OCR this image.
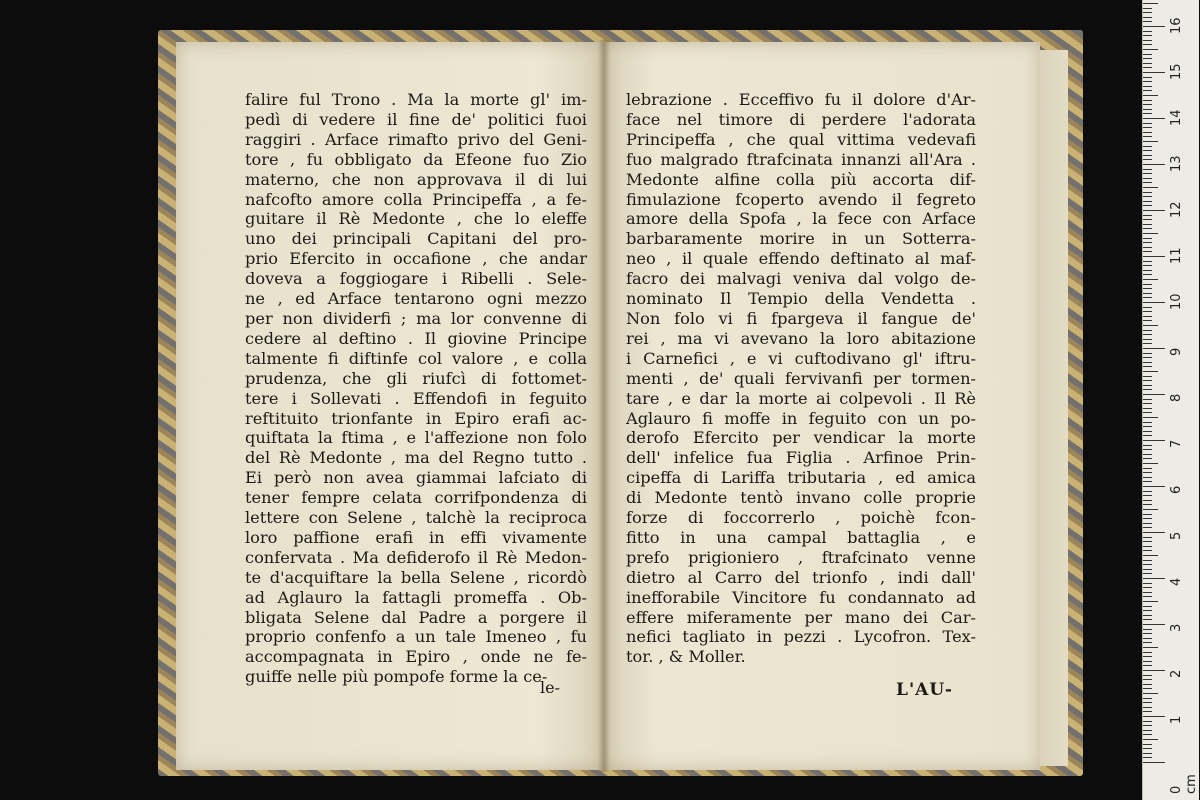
falire ful Trono . Ma la morte gl' im-
pedì di vedere il fine de' politici fuoi
raggiri . Arface rimafto privo del Geni-
tore , fu obbligato da Efeone fuo Zio
materno, che non approvava il di lui
nafcofto amore colla Principeffa , a fe-
guitare il Rè Medonte , che lo eleffe
uno dei principali Capitani del pro-
prio Efercito in occafione , che andar
doveva a foggiogare i Ribelli . Sele-
ne , ed Arface tentarono ogni mezzo
per non dividerfi ; ma lor convenne di
cedere al deftino . Il giovine Principe
talmente fi diftinfe col valore , e colla
prudenza, che gli riufcì di fottomet-
tere i Sollevati . Effendofi in feguito
reftituito trionfante in Epiro erafi ac-
quiftata la ftima , e l'affezione non folo
del Rè Medonte , ma del Regno tutto .
Ei però non avea giammai lafciato di
tener fempre celata corrifpondenza di
lettere con Selene , talchè la reciproca
loro paffione erafi in effi vivamente
confervata . Ma defiderofo il Rè Medon-
te d'acquiftare la bella Selene , ricordò
ad Aglauro la fattagli promeffa . Ob-
bligata Selene dal Padre a porgere il
proprio confenfo a un tale Imeneo , fu
accompagnata in Epiro , onde ne fe-
guiffe nelle più pompofe forme la ce-
le-
lebrazione . Ecceffivo fu il dolore d'Ar-
face nel timore di perdere l'adorata
Principeffa , che qual vittima vedevafi
fuo malgrado ftrafcinata innanzi all'Ara .
Medonte alfine colla più accorta dif-
fimulazione fcoperto avendo il fegreto
amore della Spofa , la fece con Arface
barbaramente morire in un Sotterra-
neo , il quale effendo deftinato al maf-
facro dei malvagi veniva dal volgo de-
nominato Il Tempio della Vendetta .
Non folo vi fi fpargeva il fangue de'
rei , ma vi avevano la loro abitazione
i Carnefici , e vi cuftodivano gl' iftru-
menti , de' quali fervivanfi per tormen-
tare , e dar la morte ai colpevoli . Il Rè
Aglauro fi moffe in feguito con un po-
derofo Efercito per vendicar la morte
dell' infelice fua Figlia . Arfinoe Prin-
cipeffa di Lariffa tributaria , ed amica
di Medonte tentò invano colle proprie
forze di foccorrerlo , poichè fcon-
fitto in una campal battaglia , e
prefo prigioniero , ftrafcinato venne
dietro al Carro del trionfo , indi dall'
inefforabile Vincitore fu condannato ad
effere miferamente per mano dei Car-
nefici tagliato in pezzi . Lycofron. Tex-
tor. , & Moller.
L'AU-
0 cm
1
2
3
4
5
6
7
8
9
10
11
12
13
14
15
16
